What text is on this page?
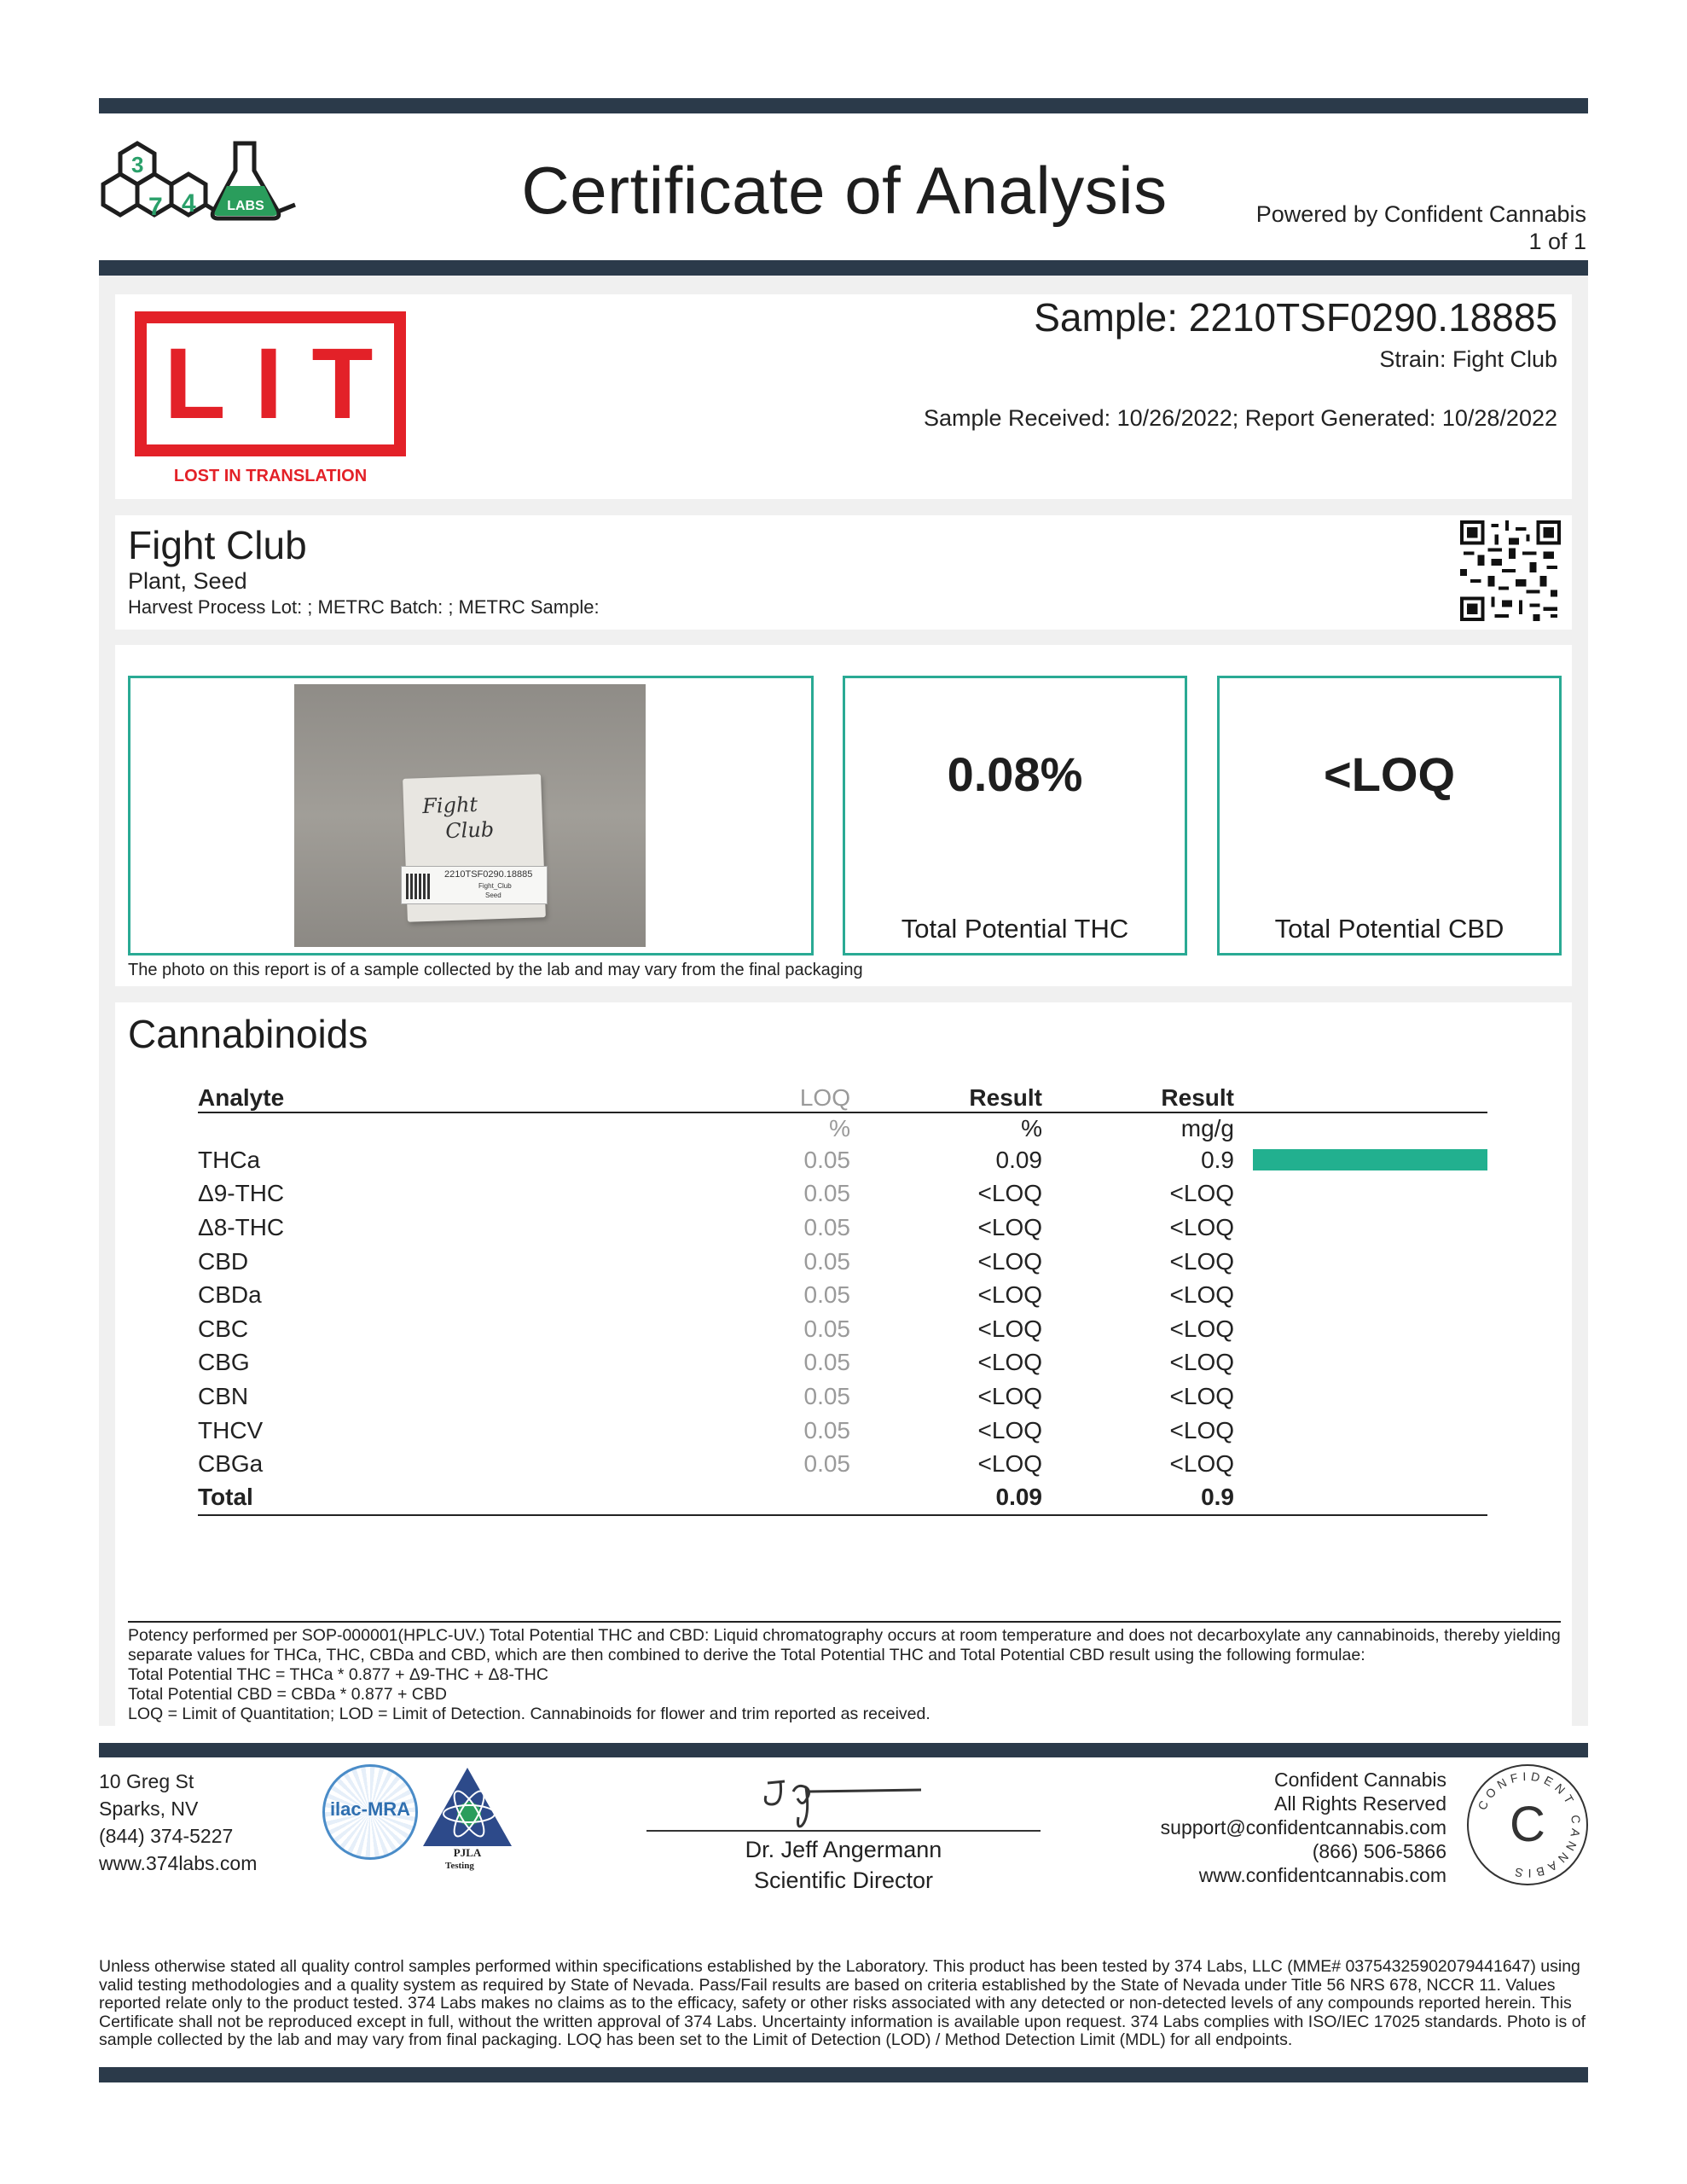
3
7 4 LABS	Certificate of Analysis	Powered by Confident Cannabis
1 of 1
LIT
LOST IN TRANSLATION
Sample: 2210TSF0290.18885
Strain: Fight Club
Sample Received: 10/26/2022; Report Generated: 10/28/2022
Fight Club
Plant, Seed
Harvest Process Lot: ; METRC Batch: ; METRC Sample:
Fight
Club
2210TSF0290.18885
Fight_Club
Seed
0.08%
Total Potential THC
<LOQ
Total Potential CBD
The photo on this report is of a sample collected by the lab and may vary from the final packaging
Cannabinoids
Analyte	LOQ	Result	Result	
	%	%	mg/g	
THCa	0.05	0.09	0.9	

Δ9-THC	0.05	<LOQ	<LOQ	
Δ8-THC	0.05	<LOQ	<LOQ	
CBD	0.05	<LOQ	<LOQ	
CBDa	0.05	<LOQ	<LOQ	
CBC	0.05	<LOQ	<LOQ	
CBG	0.05	<LOQ	<LOQ	
CBN	0.05	<LOQ	<LOQ	
THCV	0.05	<LOQ	<LOQ	
CBGa	0.05	<LOQ	<LOQ	
Total		0.09	0.9	
Potency performed per SOP-000001(HPLC-UV.) Total Potential THC and CBD: Liquid chromatography occurs at room temperature and does not decarboxylate any cannabinoids, thereby yielding separate values for THCa, THC, CBDa and CBD, which are then combined to derive the Total Potential THC and Total Potential CBD result using the following formulae:
Total Potential THC = THCa * 0.877 + Δ9-THC + Δ8-THC
Total Potential CBD = CBDa * 0.877 + CBD
LOQ = Limit of Quantitation; LOD = Limit of Detection. Cannabinoids for flower and trim reported as received.
10 Greg St
Sparks, NV
(844) 374-5227
www.374labs.com
ilac-MRA
PJLA
Testing
Dr. Jeff Angermann
Scientific Director
Confident Cannabis
All Rights Reserved
support@confidentcannabis.com
(866) 506-5866
www.confidentcannabis.com
CONFIDENT CANNABIS
C
Unless otherwise stated all quality control samples performed within specifications established by the Laboratory. This product has been tested by 374 Labs, LLC (MME# 03754325902079441647) using valid testing methodologies and a quality system as required by State of Nevada. Pass/Fail results are based on criteria established by the State of Nevada under Title 56 NRS 678, NCCR 11. Values reported relate only to the product tested. 374 Labs makes no claims as to the efficacy, safety or other risks associated with any detected or non-detected levels of any compounds reported herein. This Certificate shall not be reproduced except in full, without the written approval of 374 Labs. Uncertainty information is available upon request. 374 Labs complies with ISO/IEC 17025 standards. Photo is of sample collected by the lab and may vary from final packaging. LOQ has been set to the Limit of Detection (LOD) / Method Detection Limit (MDL) for all endpoints.
